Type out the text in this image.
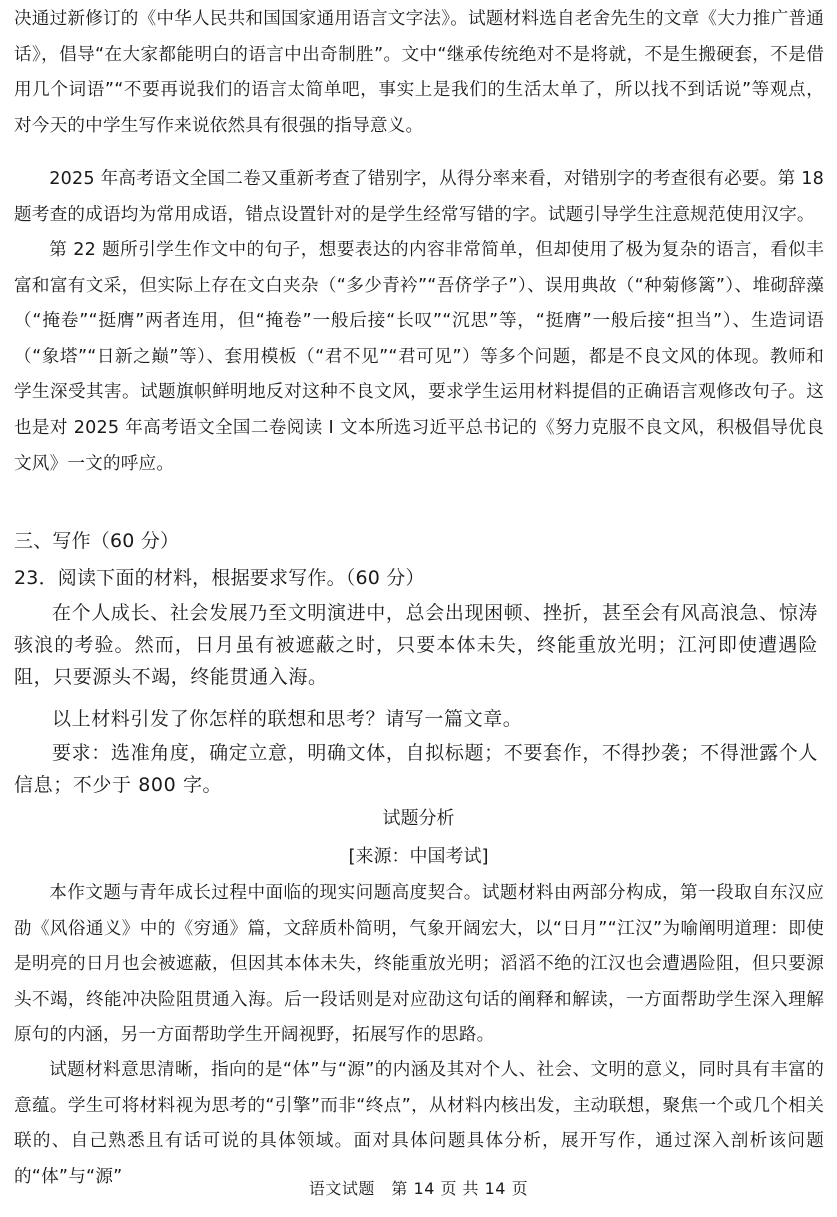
决通过新修订的《中华人民共和国国家通用语言文字法》。试题材料选自老舍先生的文章《大力推广普通话》，倡导“在大家都能明白的语言中出奇制胜”。文中“继承传统绝对不是将就，不是生搬硬套，不是借用几个词语”“不要再说我们的语言太简单吧，事实上是我们的生活太单了，所以找不到话说”等观点，对今天的中学生写作来说依然具有很强的指导意义。

2025 年高考语文全国二卷又重新考查了错别字，从得分率来看，对错别字的考查很有必要。第 18 题考查的成语均为常用成语，错点设置针对的是学生经常写错的字。试题引导学生注意规范使用汉字。

第 22 题所引学生作文中的句子，想要表达的内容非常简单，但却使用了极为复杂的语言，看似丰富和富有文采，但实际上存在文白夹杂（“多少青衿”“吾侪学子”）、误用典故（“种菊修篱”）、堆砌辞藻（“掩卷”“挺膺”两者连用，但“掩卷”一般后接“长叹”“沉思”等，“挺膺”一般后接“担当”）、生造词语（“象塔”“日新之巅”等）、套用模板（“君不见”“君可见”）等多个问题，都是不良文风的体现。教师和学生深受其害。试题旗帜鲜明地反对这种不良文风，要求学生运用材料提倡的正确语言观修改句子。这也是对 2025 年高考语文全国二卷阅读 I 文本所选习近平总书记的《努力克服不良文风，积极倡导优良文风》一文的呼应。

三、写作（60 分）

23．阅读下面的材料，根据要求写作。（60 分）

在个人成长、社会发展乃至文明演进中，总会出现困顿、挫折，甚至会有风高浪急、惊涛骇浪的考验。然而，日月虽有被遮蔽之时，只要本体未失，终能重放光明；江河即使遭遇险阻，只要源头不竭，终能贯通入海。

以上材料引发了你怎样的联想和思考？请写一篇文章。

要求：选准角度，确定立意，明确文体，自拟标题；不要套作，不得抄袭；不得泄露个人信息；不少于 800 字。

试题分析

[来源：中国考试]

本作文题与青年成长过程中面临的现实问题高度契合。试题材料由两部分构成，第一段取自东汉应劭《风俗通义》中的《穷通》篇，文辞质朴简明，气象开阔宏大，以“日月”“江汉”为喻阐明道理：即使是明亮的日月也会被遮蔽，但因其本体未失，终能重放光明；滔滔不绝的江汉也会遭遇险阻，但只要源头不竭，终能冲决险阻贯通入海。后一段话则是对应劭这句话的阐释和解读，一方面帮助学生深入理解原句的内涵，另一方面帮助学生开阔视野，拓展写作的思路。

试题材料意思清晰，指向的是“体”与“源”的内涵及其对个人、社会、文明的意义，同时具有丰富的意蕴。学生可将材料视为思考的“引擎”而非“终点”，从材料内核出发，主动联想，聚焦一个或几个相关联的、自己熟悉且有话可说的具体领域。面对具体问题具体分析，展开写作，通过深入剖析该问题的“体”与“源”

语文试题　第 14 页 共 14 页
